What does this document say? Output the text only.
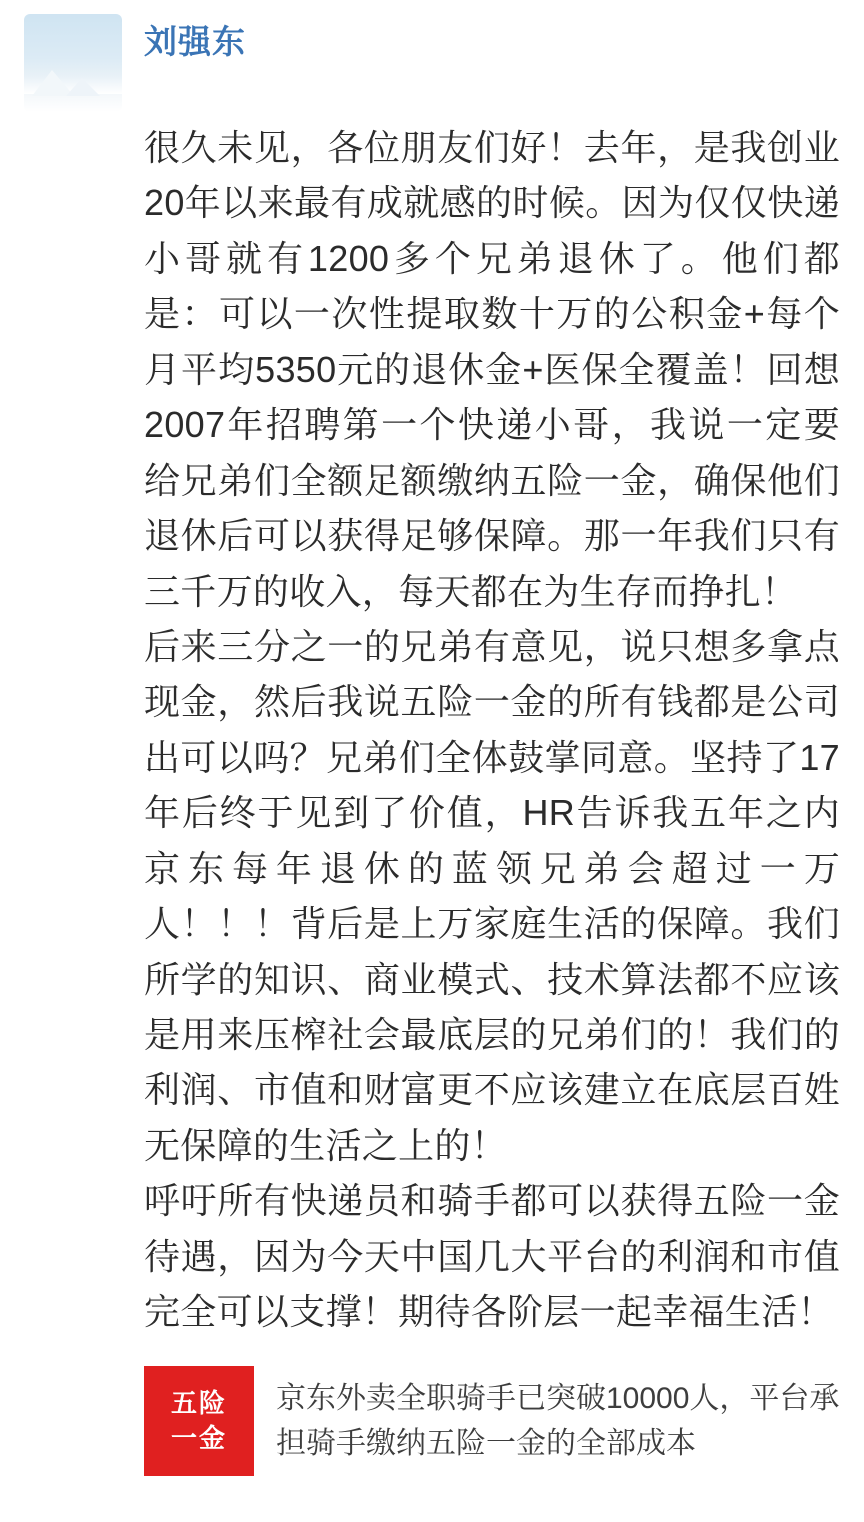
刘强东

很久未见，各位朋友们好！去年，是我创业20年以来最有成就感的时候。因为仅仅快递小哥就有1200多个兄弟退休了。他们都是：可以一次性提取数十万的公积金+每个月平均5350元的退休金+医保全覆盖！回想2007年招聘第一个快递小哥，我说一定要给兄弟们全额足额缴纳五险一金，确保他们退休后可以获得足够保障。那一年我们只有三千万的收入，每天都在为生存而挣扎！

后来三分之一的兄弟有意见，说只想多拿点现金，然后我说五险一金的所有钱都是公司出可以吗？兄弟们全体鼓掌同意。坚持了17年后终于见到了价值，HR告诉我五年之内京东每年退休的蓝领兄弟会超过一万人！！！背后是上万家庭生活的保障。我们所学的知识、商业模式、技术算法都不应该是用来压榨社会最底层的兄弟们的！我们的利润、市值和财富更不应该建立在底层百姓无保障的生活之上的！

呼吁所有快递员和骑手都可以获得五险一金待遇，因为今天中国几大平台的利润和市值完全可以支撑！期待各阶层一起幸福生活！

五险
一金
京东外卖全职骑手已突破10000人，平台承担骑手缴纳五险一金的全部成本
